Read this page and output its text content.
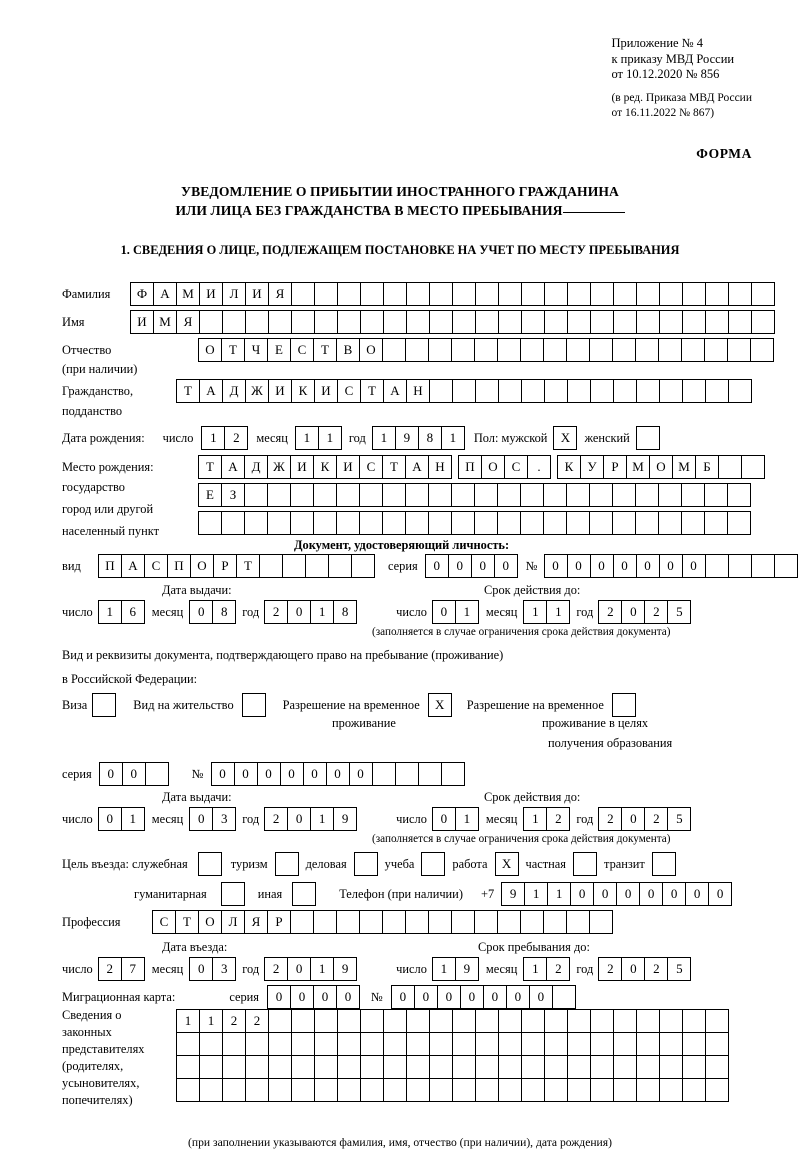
Приложение № 4
к приказу МВД России
от 10.12.2020 № 856
(в ред. Приказа МВД России
от 16.11.2022 № 867)
ФОРМА
УВЕДОМЛЕНИЕ О ПРИБЫТИИ ИНОСТРАННОГО ГРАЖДАНИНА
ИЛИ ЛИЦА БЕЗ ГРАЖДАНСТВА В МЕСТО ПРЕБЫВАНИЯ
1. СВЕДЕНИЯ О ЛИЦЕ, ПОДЛЕЖАЩЕМ ПОСТАНОВКЕ НА УЧЕТ ПО МЕСТУ ПРЕБЫВАНИЯ
Фамилия	Ф	А М И	Л	И	Я
Имя	И М Я
Отчество	О	Т	Ч	Е	С	Т	В	О
(при наличии)
Гражданство,	Т	А	Д Ж И	К	И	С	Т	А	Н
подданство
Дата рождения: число	1	2	месяц	1	1	год	1	9	8	1	Пол: мужской	X	женский
Место рождения:	Т	А	Д Ж И	К	И	С	Т	А	Н	П	О	С	.	К	У	Р	М О М	Б
государство	Е	З
город или другой
населенный пункт
Документ, удостоверяющий личность:
вид	П	А	С	П	О	Р	Т	серия	0	0	0	0	№	0	0	0	0	0	0	0
Дата выдачи:	Срок действия до:
число	1	6	месяц	0	8	год	2	0	1	8	число	0	1	месяц	1	1	год	2	0	2	5
(заполняется в случае ограничения срока действия документа)
Вид и реквизиты документа, подтверждающего право на пребывание (проживание)
в Российской Федерации:
Виза	Вид на жительство	Разрешение на временное	X	Разрешение на временное
проживание	проживание в целях
получения образования
серия	0	0	№	0	0	0	0	0	0	0
Дата выдачи:	Срок действия до:
число	0	1	месяц	0	3	год	2	0	1	9	число	0	1	месяц	1	2	год	2	0	2	5
(заполняется в случае ограничения срока действия документа)
Цель въезда: служебная	туризм	деловая	учеба	работа	X	частная	транзит
гуманитарная	иная	Телефон (при наличии) +7	9	1	1	0	0	0	0	0	0	0
Профессия	С	Т	О	Л	Я	Р
Дата въезда:	Срок пребывания до:
число	2	7	месяц	0	3	год	2	0	1	9	число	1	9	месяц	1	2	год	2	0	2	5
Миграционная карта:	серия	0	0	0	0	№	0	0	0	0	0	0	0
Сведения о
законных
представителях
(родителях,
усыновителях,
попечителях)
1	1	2	2
(при заполнении указываются фамилия, имя, отчество (при наличии), дата рождения)
